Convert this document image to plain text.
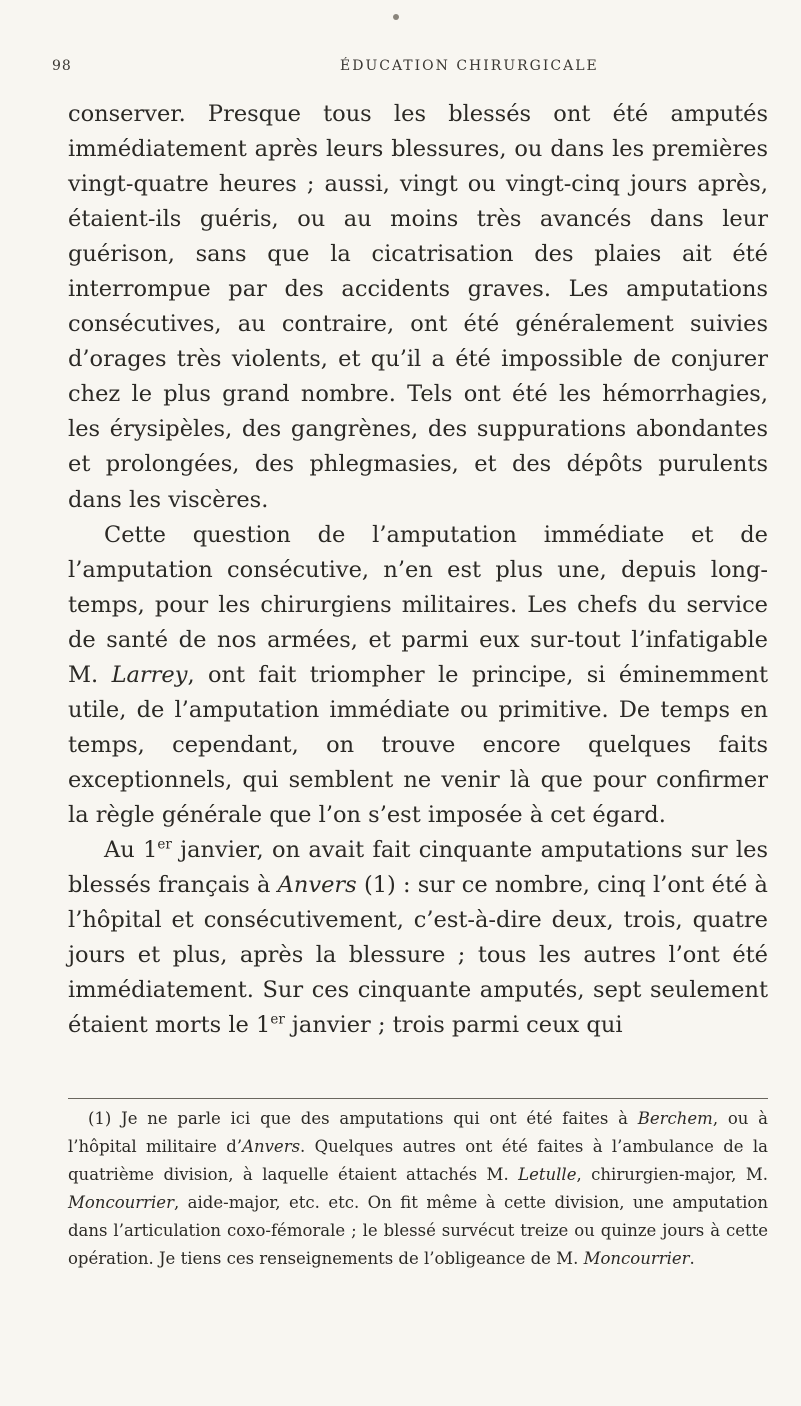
98	ÉDUCATION CHIRURGICALE

conserver. Presque tous les blessés ont été amputés immédiatement après leurs blessures, ou dans les premières vingt-quatre heures ; aussi, vingt ou vingt-cinq jours après, étaient-ils guéris, ou au moins très avancés dans leur guérison, sans que la cicatrisation des plaies ait été interrompue par des accidents graves. Les amputations consécutives, au contraire, ont été généralement suivies d’orages très violents, et qu’il a été impossible de conjurer chez le plus grand nombre. Tels ont été les hémorrhagies, les érysipèles, des gangrènes, des suppurations abondantes et prolongées, des phlegmasies, et des dépôts purulents dans les viscères.

Cette question de l’amputation immédiate et de l’amputation consécutive, n’en est plus une, depuis long-temps, pour les chirurgiens militaires. Les chefs du service de santé de nos armées, et parmi eux sur-tout l’infatigable M. Larrey, ont fait triompher le principe, si éminemment utile, de l’amputation immédiate ou primitive. De temps en temps, cependant, on trouve encore quelques faits exceptionnels, qui semblent ne venir là que pour confirmer la règle générale que l’on s’est imposée à cet égard.

Au 1er janvier, on avait fait cinquante amputations sur les blessés français à Anvers (1) : sur ce nombre, cinq l’ont été à l’hôpital et consécutivement, c’est-à-dire deux, trois, quatre jours et plus, après la blessure ; tous les autres l’ont été immédiatement. Sur ces cinquante amputés, sept seulement étaient morts le 1er janvier ; trois parmi ceux qui

(1) Je ne parle ici que des amputations qui ont été faites à Berchem, ou à l’hôpital militaire d’Anvers. Quelques autres ont été faites à l’ambulance de la quatrième division, à laquelle étaient attachés M. Letulle, chirurgien-major, M. Moncourrier, aide-major, etc. etc. On fit même à cette division, une amputation dans l’articulation coxo-fémorale ; le blessé survécut treize ou quinze jours à cette opération. Je tiens ces renseignements de l’obligeance de M. Moncourrier.
